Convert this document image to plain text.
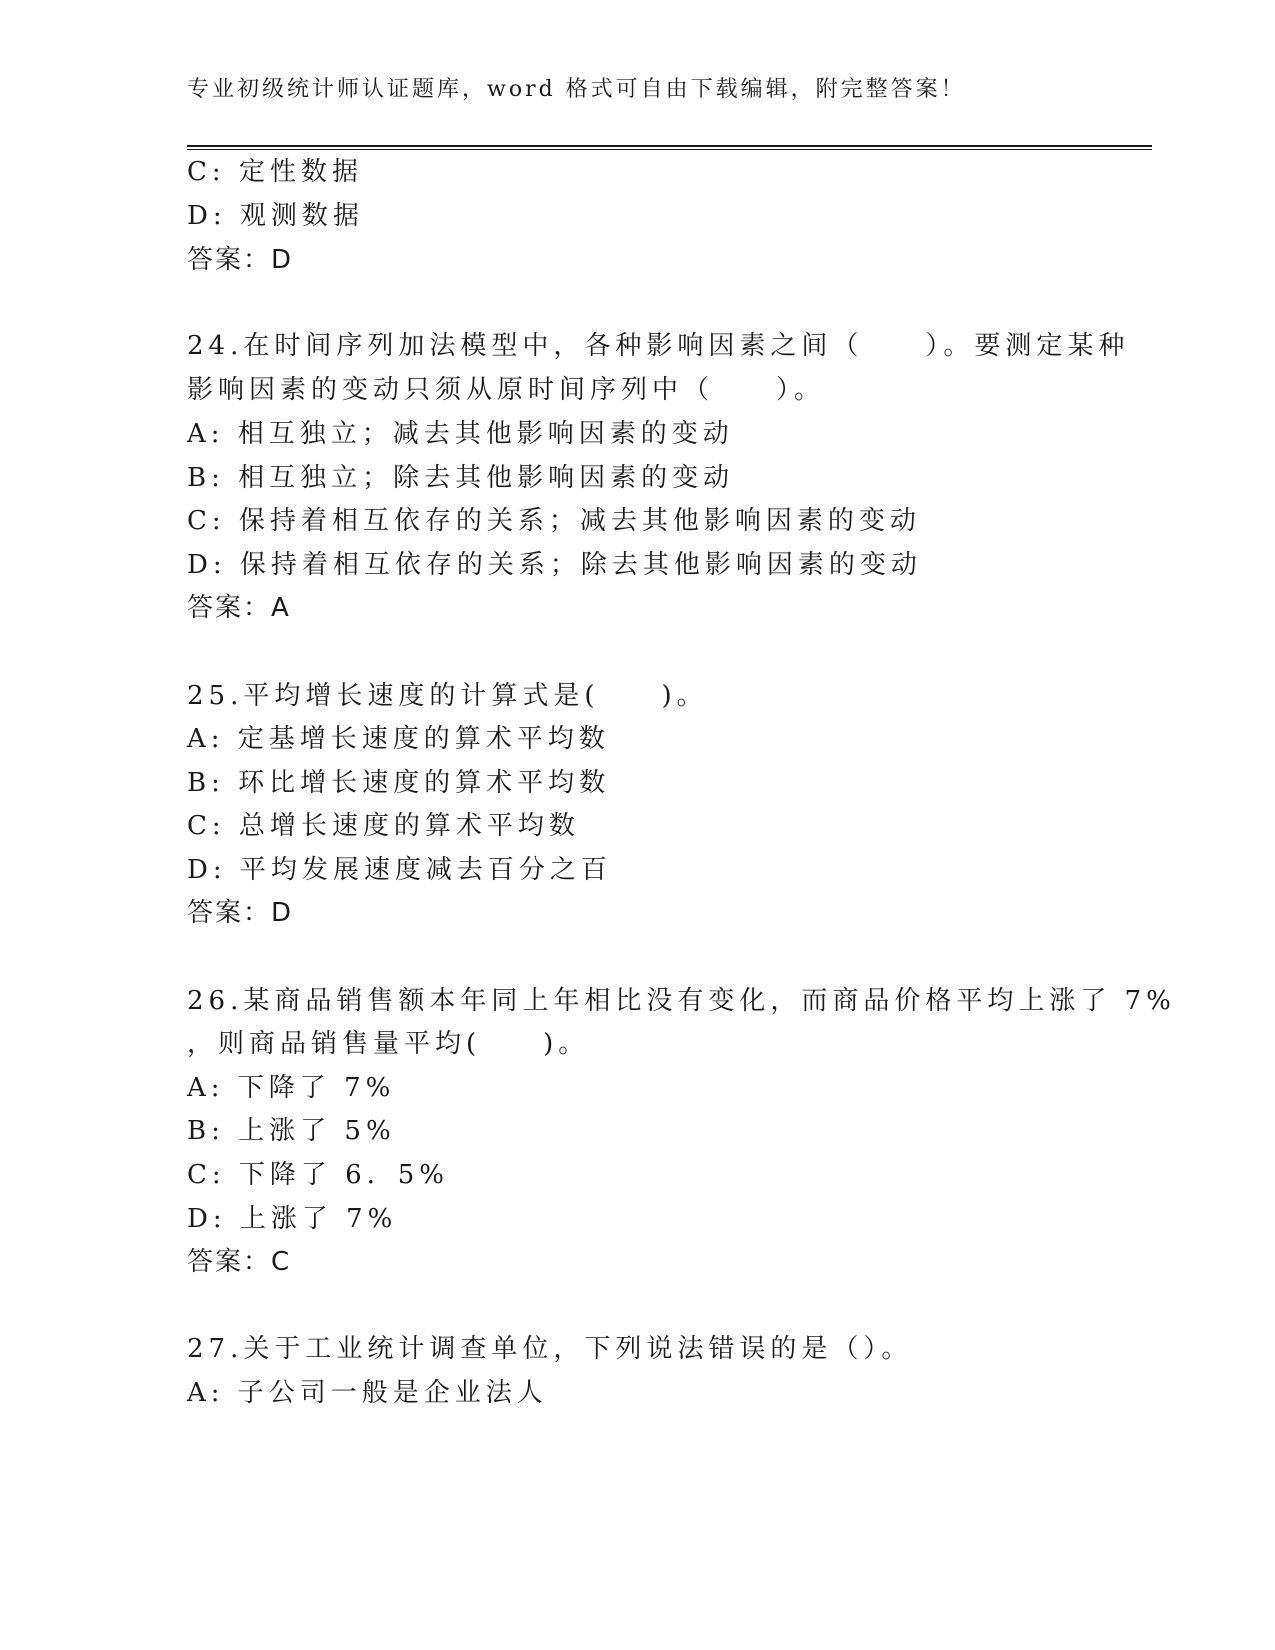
专业初级统计师认证题库，word 格式可自由下载编辑，附完整答案！
C: 定性数据
D: 观测数据
答案：D
24.在时间序列加法模型中，各种影响因素之间（　　）。要测定某种
影响因素的变动只须从原时间序列中（　　）。
A: 相互独立；减去其他影响因素的变动
B: 相互独立；除去其他影响因素的变动
C: 保持着相互依存的关系；减去其他影响因素的变动
D: 保持着相互依存的关系；除去其他影响因素的变动
答案：A
25.平均增长速度的计算式是(　　)。
A: 定基增长速度的算术平均数
B: 环比增长速度的算术平均数
C: 总增长速度的算术平均数
D: 平均发展速度减去百分之百
答案：D
26.某商品销售额本年同上年相比没有变化，而商品价格平均上涨了 7%
，则商品销售量平均(　　)。
A: 下降了 7%
B: 上涨了 5%
C: 下降了 6．5%
D: 上涨了 7%
答案：C
27.关于工业统计调查单位，下列说法错误的是（）。
A: 子公司一般是企业法人
